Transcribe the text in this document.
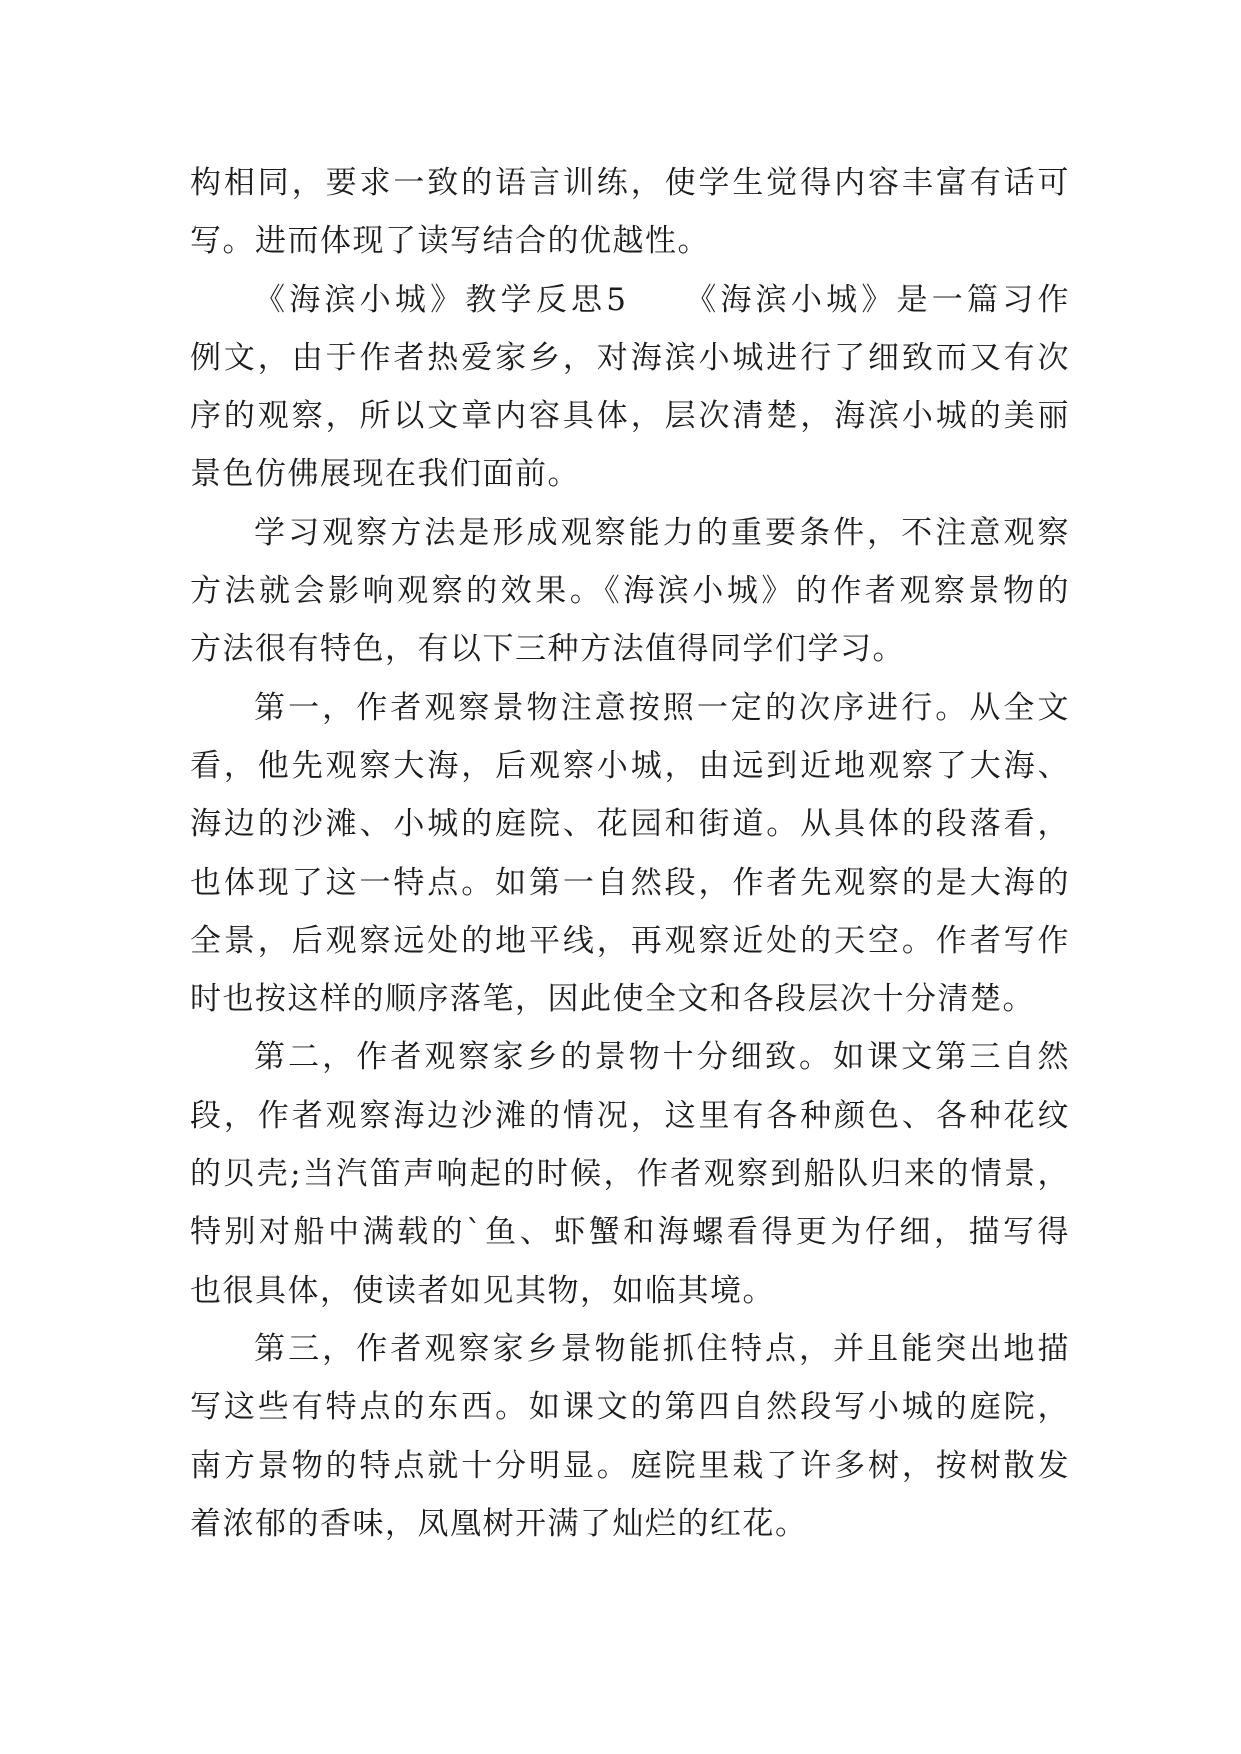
构相同，要求一致的语言训练，使学生觉得内容丰富有话可
写。进而体现了读写结合的优越性。

《海滨小城》教学反思5　　《海滨小城》是一篇习作
例文，由于作者热爱家乡，对海滨小城进行了细致而又有次
序的观察，所以文章内容具体，层次清楚，海滨小城的美丽
景色仿佛展现在我们面前。

学习观察方法是形成观察能力的重要条件，不注意观察
方法就会影响观察的效果。《海滨小城》的作者观察景物的
方法很有特色，有以下三种方法值得同学们学习。

第一，作者观察景物注意按照一定的次序进行。从全文
看，他先观察大海，后观察小城，由远到近地观察了大海、
海边的沙滩、小城的庭院、花园和街道。从具体的段落看，
也体现了这一特点。如第一自然段，作者先观察的是大海的
全景，后观察远处的地平线，再观察近处的天空。作者写作
时也按这样的顺序落笔，因此使全文和各段层次十分清楚。

第二，作者观察家乡的景物十分细致。如课文第三自然
段，作者观察海边沙滩的情况，这里有各种颜色、各种花纹
的贝壳;当汽笛声响起的时候，作者观察到船队归来的情景，
特别对船中满载的`鱼、虾蟹和海螺看得更为仔细，描写得
也很具体，使读者如见其物，如临其境。

第三，作者观察家乡景物能抓住特点，并且能突出地描
写这些有特点的东西。如课文的第四自然段写小城的庭院，
南方景物的特点就十分明显。庭院里栽了许多树，按树散发
着浓郁的香味，凤凰树开满了灿烂的红花。
